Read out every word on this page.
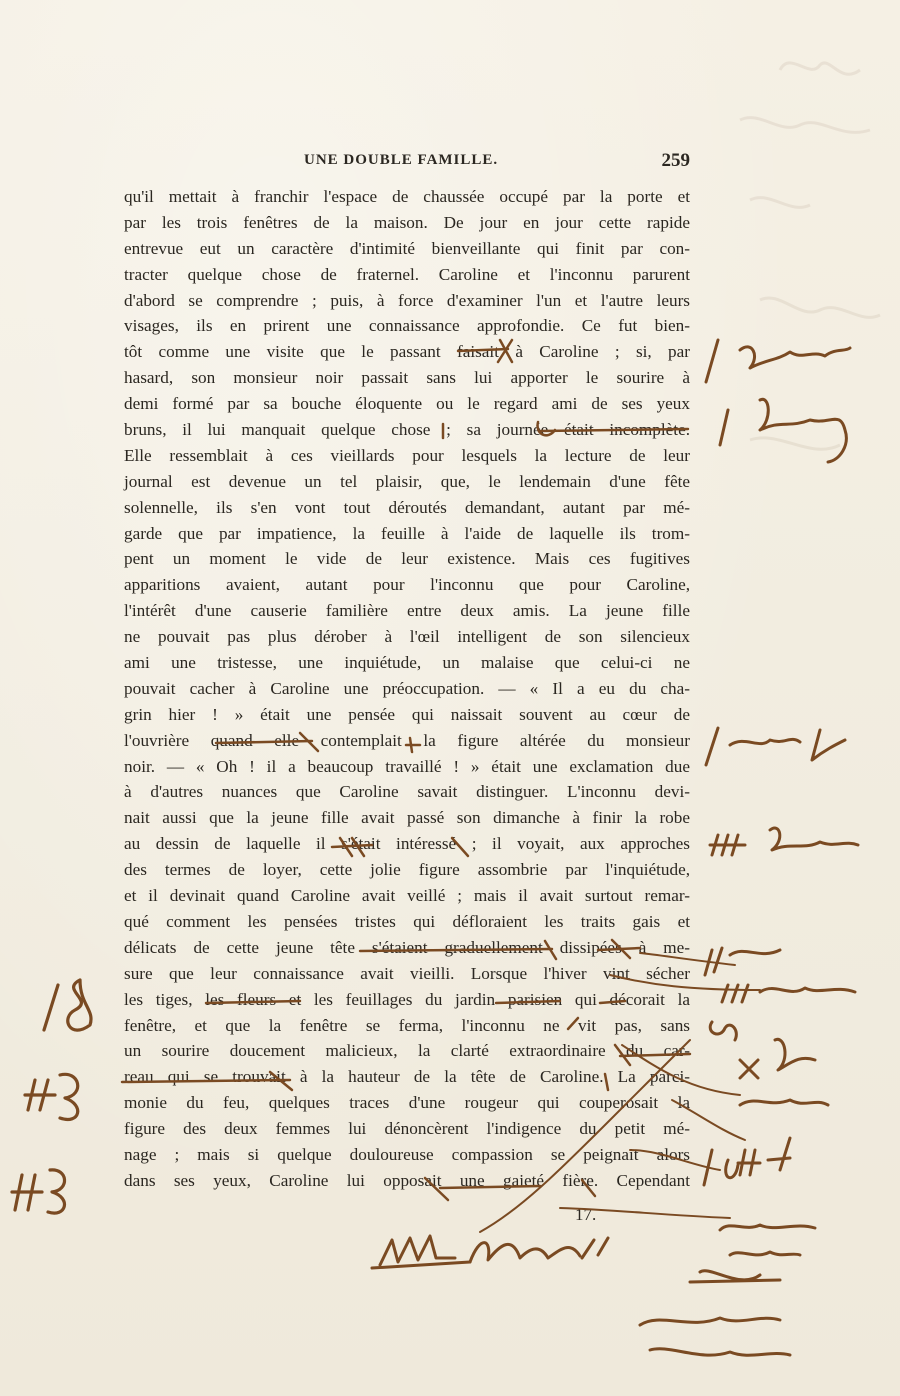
UNE DOUBLE FAMILLE.	259
qu'il mettait à franchir l'espace de chaussée occupé par la porte et
par les trois fenêtres de la maison. De jour en jour cette rapide
entrevue eut un caractère d'intimité bienveillante qui finit par con-
tracter quelque chose de fraternel. Caroline et l'inconnu parurent
d'abord se comprendre ; puis, à force d'examiner l'un et l'autre leurs
visages, ils en prirent une connaissance approfondie. Ce fut bien-
tôt comme une visite que le passant faisait à Caroline ; si, par
hasard, son monsieur noir passait sans lui apporter le sourire à
demi formé par sa bouche éloquente ou le regard ami de ses yeux
bruns, il lui manquait quelque chose ; sa journée était incomplète.
Elle ressemblait à ces vieillards pour lesquels la lecture de leur
journal est devenue un tel plaisir, que, le lendemain d'une fête
solennelle, ils s'en vont tout déroutés demandant, autant par mé-
garde que par impatience, la feuille à l'aide de laquelle ils trom-
pent un moment le vide de leur existence. Mais ces fugitives
apparitions avaient, autant pour l'inconnu que pour Caroline,
l'intérêt d'une causerie familière entre deux amis. La jeune fille
ne pouvait pas plus dérober à l'œil intelligent de son silencieux
ami une tristesse, une inquiétude, un malaise que celui-ci ne
pouvait cacher à Caroline une préoccupation. — « Il a eu du cha-
grin hier ! » était une pensée qui naissait souvent au cœur de
l'ouvrière quand elle contemplait la figure altérée du monsieur
noir. — « Oh ! il a beaucoup travaillé ! » était une exclamation due
à d'autres nuances que Caroline savait distinguer. L'inconnu devi-
nait aussi que la jeune fille avait passé son dimanche à finir la robe
au dessin de laquelle il s'était intéressé ; il voyait, aux approches
des termes de loyer, cette jolie figure assombrie par l'inquiétude,
et il devinait quand Caroline avait veillé ; mais il avait surtout remar-
qué comment les pensées tristes qui défloraient les traits gais et
délicats de cette jeune tête s'étaient graduellement dissipées à me-
sure que leur connaissance avait vieilli. Lorsque l'hiver vint sécher
les tiges, les fleurs et les feuillages du jardin parisien qui décorait la
fenêtre, et que la fenêtre se ferma, l'inconnu ne vit pas, sans
un sourire doucement malicieux, la clarté extraordinaire du car-
reau qui se trouvait à la hauteur de la tête de Caroline. La parci-
monie du feu, quelques traces d'une rougeur qui couperosait la
figure des deux femmes lui dénoncèrent l'indigence du petit mé-
nage ; mais si quelque douloureuse compassion se peignait alors
dans ses yeux, Caroline lui opposait une gaieté fière. Cependant
17.
